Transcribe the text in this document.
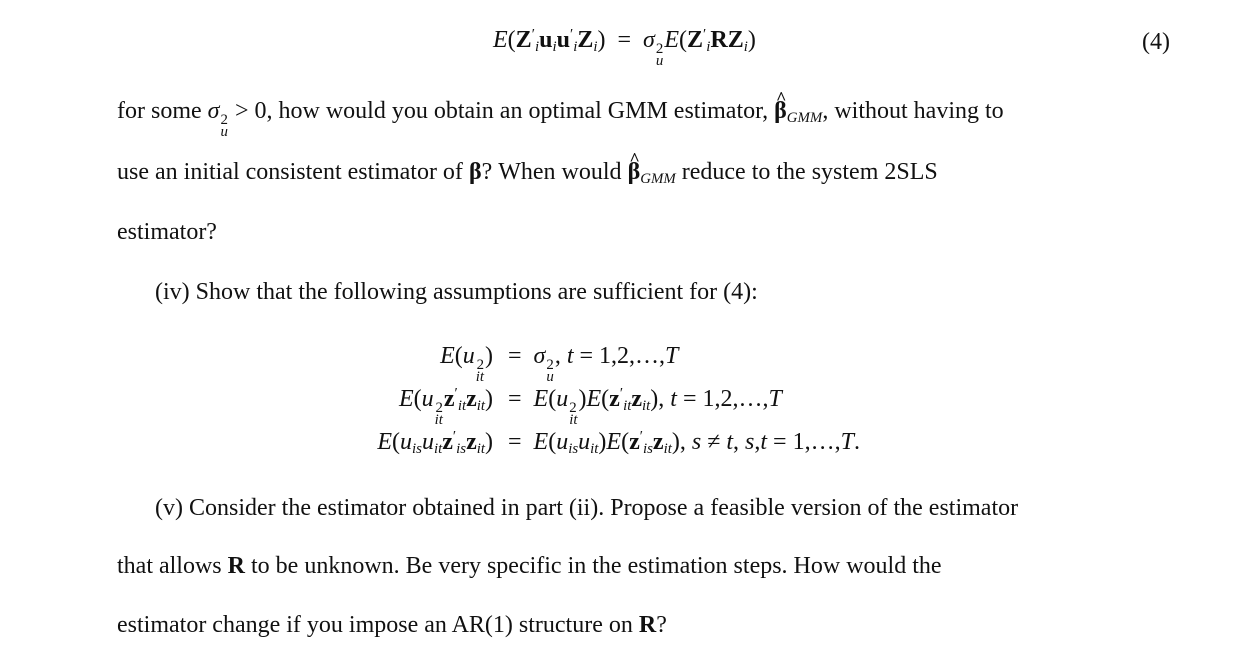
$E(Z'_iu_iu'_iZ_i) = \sigma$ 2
u
$E(Z'_iRZ_i)$	(4)
for some σ 2
u
> 0, how would you obtain an optimal GMM estimator, ^ $\beta_{GMM}$, without having to
use an initial consistent estimator of β? When would ^ $\beta_{GMM}$ reduce to the system 2SLS
estimator?
(iv) Show that the following assumptions are sufficient for (4):
E(u 2
it
) =  σ 2
u
, t = 1,2,…,T
E(u 2
it
$z'_{it}z_{it}) = E(u$ 2
it
)$E(z'_{it}z_{it})$, t = 1,2,…,T
$E(u_{is}u_{it}z'_{is}z_{it}) = E(u_{is}u_{it})E(z'_{is}z_{it})$, s ≠ t, s,t = 1,…,T.
(v) Consider the estimator obtained in part (ii). Propose a feasible version of the estimator
that allows R to be unknown. Be very specific in the estimation steps. How would the
estimator change if you impose an AR(1) structure on R?
